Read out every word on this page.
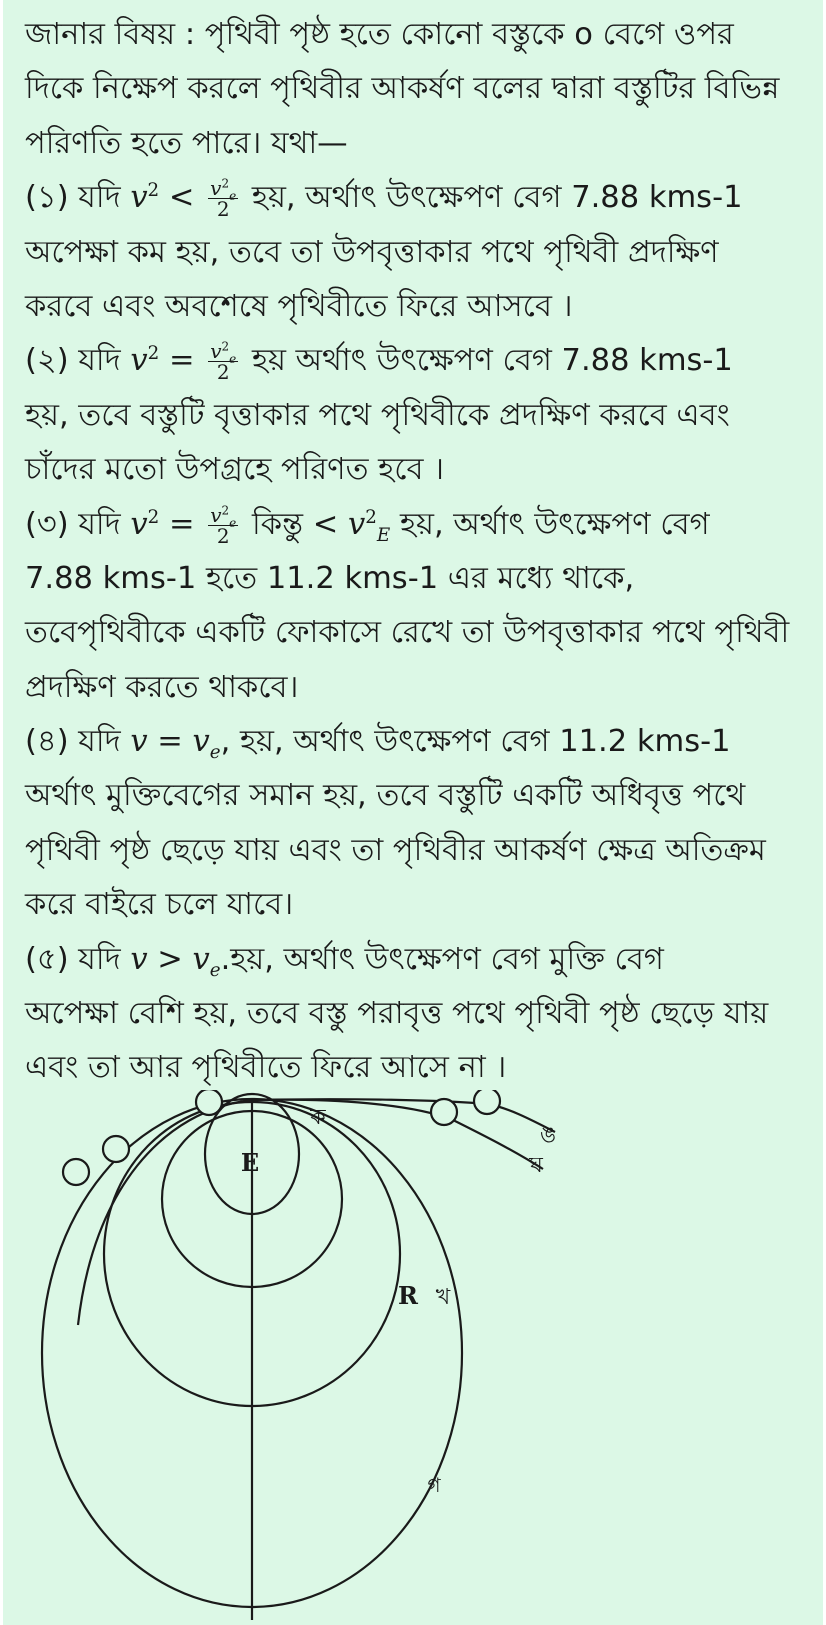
জানার বিষয় : পৃথিবী পৃষ্ঠ হতে কোনো বস্তুকে o বেগে ওপর
দিকে নিক্ষেপ করলে পৃথিবীর আকর্ষণ বলের দ্বারা বস্তুটির বিভিন্ন
পরিণতি হতে পারে। যথা—
(১) যদি $v^2 < \frac{v^2_e}{2}$ হয়, অর্থাৎ উৎক্ষেপণ বেগ 7.88 kms-1
অপেক্ষা কম হয়, তবে তা উপবৃত্তাকার পথে পৃথিবী প্রদক্ষিণ
করবে এবং অবশেষে পৃথিবীতে ফিরে আসবে ।
(২) যদি $v^2 = \frac{v^2_e}{2}$ হয় অর্থাৎ উৎক্ষেপণ বেগ 7.88 kms-1
হয়, তবে বস্তুটি বৃত্তাকার পথে পৃথিবীকে প্রদক্ষিণ করবে এবং
চাঁদের মতো উপগ্রহে পরিণত হবে ।
(৩) যদি $v^2 = \frac{v^2_e}{2}$ কিন্তু < $v^2_E$ হয়, অর্থাৎ উৎক্ষেপণ বেগ
7.88 kms-1 হতে 11.2 kms-1 এর মধ্যে থাকে,
তবেপৃথিবীকে একটি ফোকাসে রেখে তা উপবৃত্তাকার পথে পৃথিবী
প্রদক্ষিণ করতে থাকবে।
(৪) যদি $v = v_e$, হয়, অর্থাৎ উৎক্ষেপণ বেগ 11.2 kms-1
অর্থাৎ মুক্তিবেগের সমান হয়, তবে বস্তুটি একটি অধিবৃত্ত পথে
পৃথিবী পৃষ্ঠ ছেড়ে যায় এবং তা পৃথিবীর আকর্ষণ ক্ষেত্র অতিক্রম
করে বাইরে চলে যাবে।
(৫) যদি $v > v_e.হয়$, অর্থাৎ উৎক্ষেপণ বেগ মুক্তি বেগ
অপেক্ষা বেশি হয়, তবে বস্তু পরাবৃত্ত পথে পৃথিবী পৃষ্ঠ ছেড়ে যায়
এবং তা আর পৃথিবীতে ফিরে আসে না ।
E
R
ক
খ
গ
ঘ
ঙ
